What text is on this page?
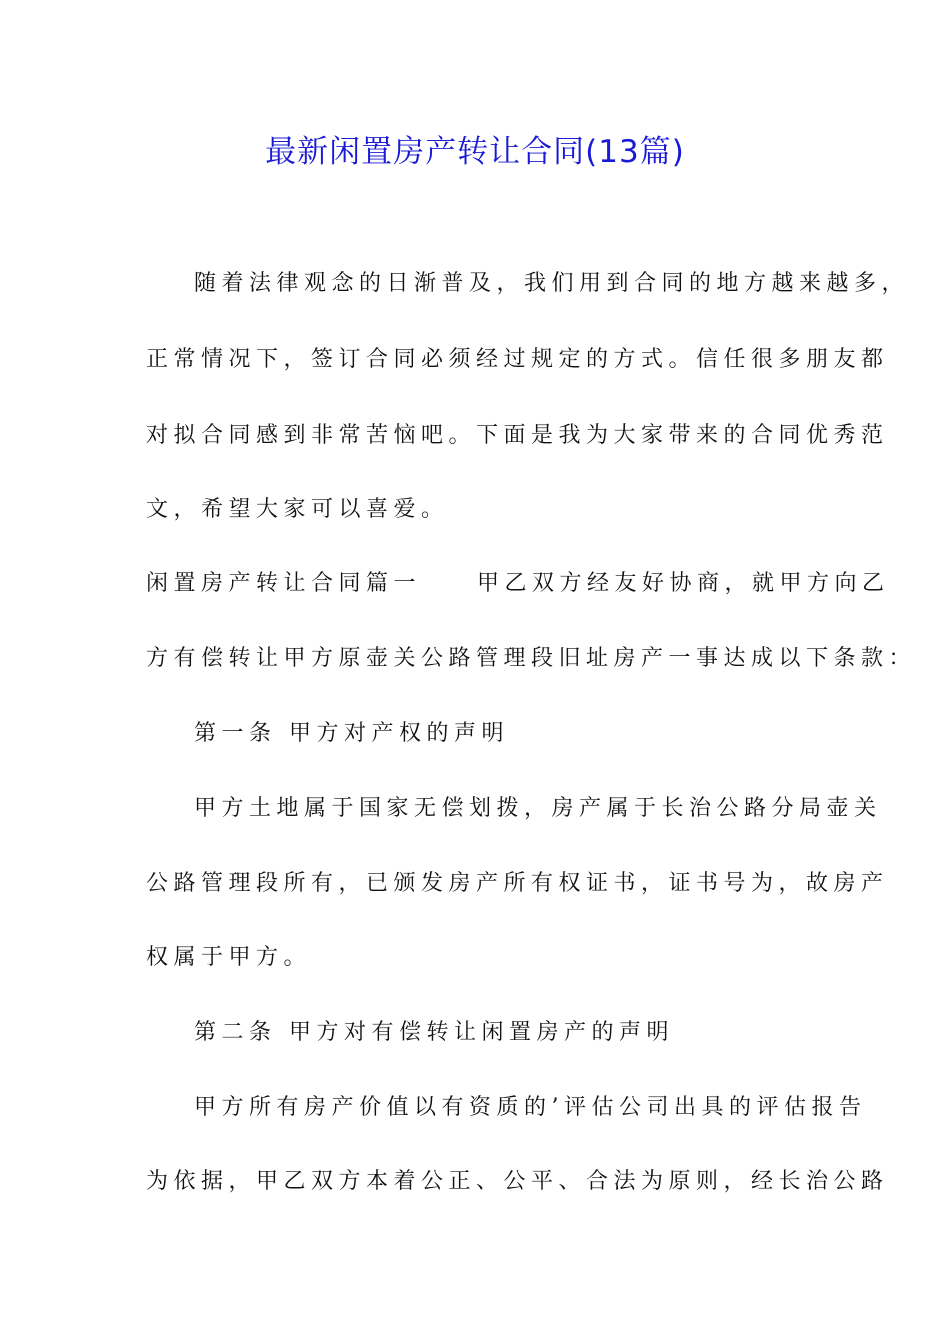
最新闲置房产转让合同(13篇)
随着法律观念的日渐普及，我们用到合同的地方越来越多，
正常情况下，签订合同必须经过规定的方式。信任很多朋友都
对拟合同感到非常苦恼吧。下面是我为大家带来的合同优秀范
文，希望大家可以喜爱。
闲置房产转让合同篇一	甲乙双方经友好协商，就甲方向乙
方有偿转让甲方原壶关公路管理段旧址房产一事达成以下条款：
第一条 甲方对产权的声明
甲方土地属于国家无偿划拨，房产属于长治公路分局壶关
公路管理段所有，已颁发房产所有权证书，证书号为，故房产
权属于甲方。
第二条 甲方对有偿转让闲置房产的声明
甲方所有房产价值以有资质的’评估公司出具的评估报告
为依据，甲乙双方本着公正、公平、合法为原则，经长治公路
